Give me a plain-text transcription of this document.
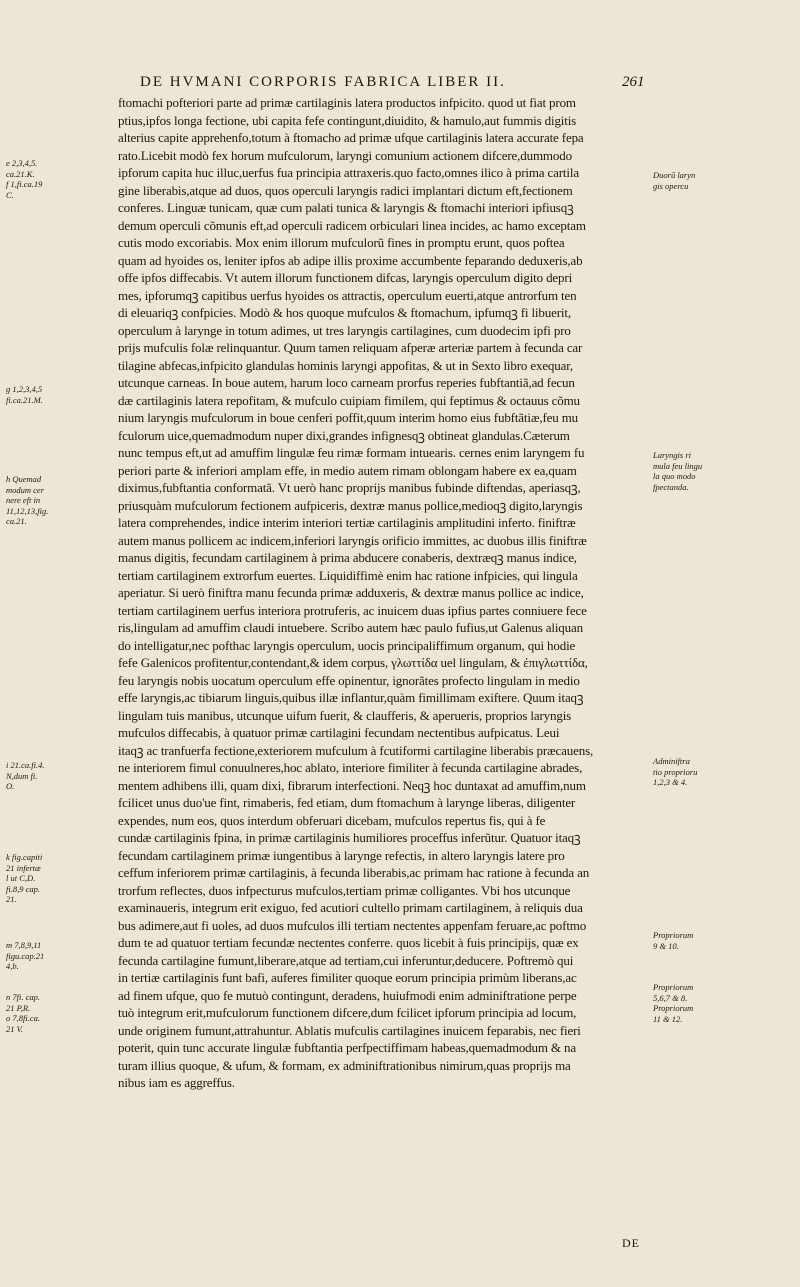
DE HVMANI CORPORIS FABRICA LIBER II.	261
ftomachi pofteriori parte ad primæ cartilaginis latera productos infpicito. quod ut fiat prom
ptius,ipfos longa fectione, ubi capita fefe contingunt,diuidito, & hamulo,aut fummis digitis
alterius capite apprehenfo,totum à ftomacho ad primæ ufque cartilaginis latera accurate fepa
rato.Licebit modò fex horum mufculorum, laryngi comunium actionem difcere,dummodo
ipforum capita huc illuc,uerfus fua principia attraxeris.quo facto,omnes ilico à prima cartila
gine liberabis,atque ad duos, quos operculi laryngis radici implantari dictum eft,fectionem
conferes. Linguæ tunicam, quæ cum palati tunica & laryngis & ftomachi interiori ipfiusqꝫ
demum operculi cõmunis eft,ad operculi radicem orbiculari linea incides, ac hamo exceptam
cutis modo excoriabis. Mox enim illorum mufculorũ fines in promptu erunt, quos poftea
quam ad hyoides os, leniter ipfos ab adipe illis proxime accumbente feparando deduxeris,ab
offe ipfos diffecabis. Vt autem illorum functionem difcas, laryngis operculum digito depri
mes, ipforumqꝫ capitibus uerfus hyoides os attractis, operculum euerti,atque antrorfum ten
di eleuariqꝫ confpicies. Modò & hos quoque mufculos & ftomachum, ipfumqꝫ fi libuerit,
operculum à larynge in totum adimes, ut tres laryngis cartilagines, cum duodecim ipfi pro
prijs mufculis folæ relinquantur. Quum tamen reliquam afperæ arteriæ partem à fecunda car
tilagine abfecas,infpicito glandulas hominis laryngi appofitas, & ut in Sexto libro exequar,
utcunque carneas. In boue autem, harum loco carneam prorfus reperies fubftantiã,ad fecun
dæ cartilaginis latera repofitam, & mufculo cuipiam fimilem, qui feptimus & octauus cõmu
nium laryngis mufculorum in boue cenferi poffit,quum interim homo eius fubftãtiæ,feu mu
fculorum uice,quemadmodum nuper dixi,grandes infignesqꝫ obtineat glandulas.Cæterum
nunc tempus eft,ut ad amuffim lingulæ feu rimæ formam intuearis. cernes enim laryngem fu
periori parte & inferiori amplam effe, in medio autem rimam oblongam habere ex ea,quam
diximus,fubftantia conformatã. Vt uerò hanc proprijs manibus fubinde diftendas, aperiasqꝫ,
priusquàm mufculorum fectionem aufpiceris, dextræ manus pollice,medioqꝫ digito,laryngis
latera comprehendes, indice interim interiori tertiæ cartilaginis amplitudini inferto. finiftræ
autem manus pollicem ac indicem,inferiori laryngis orificio immittes, ac duobus illis finiftræ
manus digitis, fecundam cartilaginem à prima abducere conaberis, dextræqꝫ manus indice,
tertiam cartilaginem extrorfum euertes. Liquidiffimè enim hac ratione infpicies, qui lingula
aperiatur. Si uerò finiftra manu fecunda primæ adduxeris, & dextræ manus pollice ac indice,
tertiam cartilaginem uerfus interiora protruferis, ac inuicem duas ipfius partes conniuere fece
ris,lingulam ad amuffim claudi intuebere. Scribo autem hæc paulo fufius,ut Galenus aliquan
do intelligatur,nec pofthac laryngis operculum, uocis principaliffimum organum, qui hodie
fefe Galenicos profitentur,contendant,& idem corpus, γλωττίδα uel lingulam, & ἐπιγλωττίδα,
feu laryngis nobis uocatum operculum effe opinentur, ignorãtes profecto lingulam in medio
effe laryngis,ac tibiarum linguis,quibus illæ inflantur,quàm fimillimam exiftere. Quum itaqꝫ
lingulam tuis manibus, utcunque uifum fuerit, & claufferis, & aperueris, proprios laryngis
mufculos diffecabis, à quatuor primæ cartilagini fecundam nectentibus aufpicatus. Leui
itaqꝫ ac tranfuerfa fectione,exteriorem mufculum à fcutiformi cartilagine liberabis præcauens,
ne interiorem fimul conuulneres,hoc ablato, interiore fimiliter à fecunda cartilagine abrades,
mentem adhibens illi, quam dixi, fibrarum interfectioni. Neqꝫ hoc duntaxat ad amuffim,num
fcilicet unus duo'ue fint, rimaberis, fed etiam, dum ftomachum à larynge liberas, diligenter
expendes, num eos, quos interdum obferuari dicebam, mufculos repertus fis, qui à fe
cundæ cartilaginis fpina, in primæ cartilaginis humiliores proceffus inferũtur. Quatuor itaqꝫ
fecundam cartilaginem primæ iungentibus à larynge refectis, in altero laryngis latere pro
ceffum inferiorem primæ cartilaginis, à fecunda liberabis,ac primam hac ratione à fecunda an
trorfum reflectes, duos infpecturus mufculos,tertiam primæ colligantes. Vbi hos utcunque
examinaueris, integrum erit exiguo, fed acutiori cultello primam cartilaginem, à reliquis dua
bus adimere,aut fi uoles, ad duos mufculos illi tertiam nectentes appenfam feruare,ac poftmo
dum te ad quatuor tertiam fecundæ nectentes conferre. quos licebit à fuis principijs, quæ ex
fecunda cartilagine fumunt,liberare,atque ad tertiam,cui inferuntur,deducere. Poftremò qui
in tertiæ cartilaginis funt bafi, auferes fimiliter quoque eorum principia primùm liberans,ac
ad finem ufque, quo fe mutuò contingunt, deradens, huiufmodi enim adminiftratione perpe
tuò integrum erit,mufculorum functionem difcere,dum fcilicet ipforum principia ad locum,
unde originem fumunt,attrahuntur. Ablatis mufculis cartilagines inuicem feparabis, nec fieri
poterit, quin tunc accurate lingulæ fubftantia perfpectiffimam habeas,quemadmodum & na
turam illius quoque, & ufum, & formam, ex adminiftrationibus nimirum,quas proprijs ma
nibus iam es aggreffus.
e 2,3,4,5.
ca.21.K.
f 1,fi.ca.19
C.
g 1,2,3,4,5
fi.ca.21.M.
h Quemad
modum cer
nere eft in
11,12,13,fig.
ca.21.
i 21.ca.fi.4.
N,dum fi.
O.
k fig.capiti
21 infertæ
l ut C,D.
fi.8,9 cap.
21.
m 7,8,9,11
figu.cap.21
4,b.
n 7fi. cap.
21 P,R.
o 7,8fi.ca.
21 V.
Duorũ laryn
gis opercu
Laryngis ri
mula feu lingu
la quo modo
fpectanda.
Adminiftra
tio proprioru
1,2,3 & 4.
Propriorum
9 & 10.
Propriorum
5,6,7 & 8.
Propriorum
11 & 12.
DE
